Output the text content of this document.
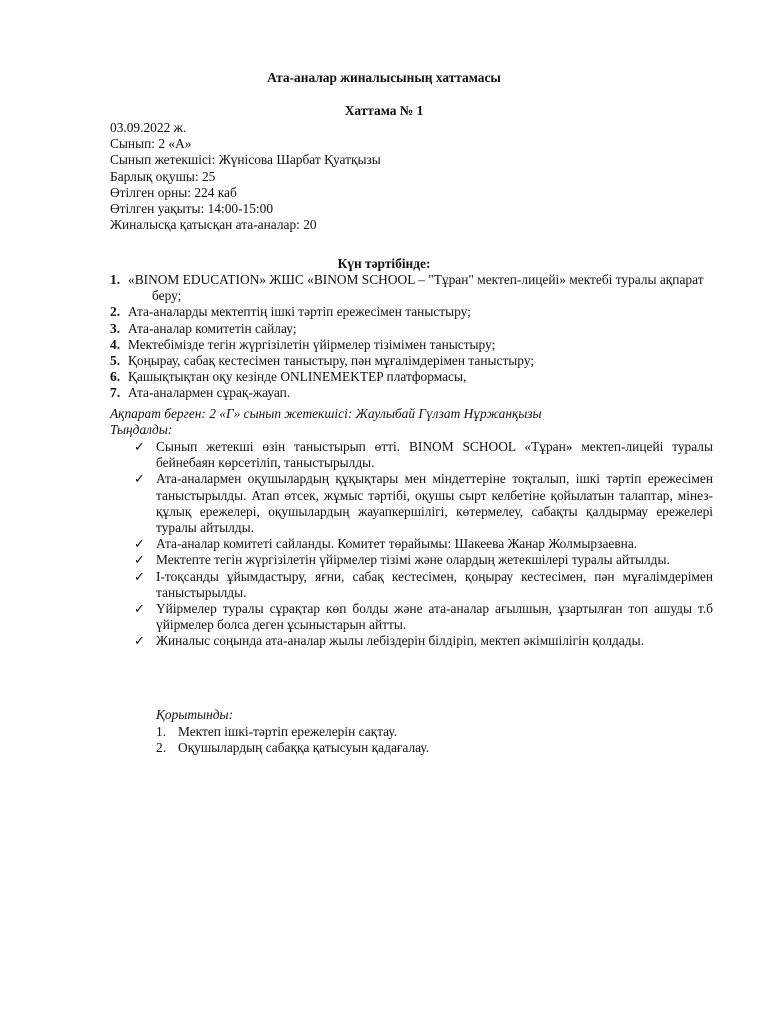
Ата-аналар жиналысының хаттамасы
Хаттама № 1
03.09.2022 ж.
Сынып: 2 «А»
Сынып жетекшісі: Жүнісова Шарбат Қуатқызы
Барлық оқушы: 25
Өтілген орны: 224 каб
Өтілген уақыты: 14:00-15:00
Жиналысқа қатысқан ата-аналар: 20
Күн тәртібінде:
1. «BINOM EDUCATION» ЖШС «BINOM SCHOOL – "Тұран" мектеп-лицейі» мектебі туралы ақпарат беру;
2. Ата-аналарды мектептің ішкі тәртіп ережесімен таныстыру;
3. Ата-аналар комитетін сайлау;
4. Мектебімізде тегін жүргізілетін үйірмелер тізімімен таныстыру;
5. Қоңырау, сабақ кестесімен таныстыру, пән мұғалімдерімен таныстыру;
6. Қашықтықтан оқу кезінде ONLINEMEKTEP платформасы,
7. Ата-аналармен сұрақ-жауап.
Ақпарат берген: 2 «Г» сынып жетекшісі: Жаулыбай Гүлзат Нұржанқызы
Тыңдалды:
✓ Сынып жетекші өзін таныстырып өтті. BINOM SCHOOL «Тұран» мектеп-лицейі туралы бейнебаян көрсетіліп, таныстырылды.
✓ Ата-аналармен оқушылардың құқықтары мен міндеттеріне тоқталып, ішкі тәртіп ережесімен таныстырылды. Атап өтсек, жұмыс тәртібі, оқушы сырт келбетіне қойылатын талаптар, мінез-құлық ережелері, оқушылардың жауапкершілігі, көтермелеу, сабақты қалдырмау ережелері туралы айтылды.
✓ Ата-аналар комитеті сайланды. Комитет төрайымы: Шакеева Жанар Жолмырзаевна.
✓ Мектепте тегін жүргізілетін үйірмелер тізімі және олардың жетекшілері туралы айтылды.
✓ І-тоқсанды ұйымдастыру, яғни, сабақ кестесімен, қоңырау кестесімен, пән мұғалімдерімен таныстырылды.
✓ Үйірмелер туралы сұрақтар көп болды және ата-аналар ағылшын, ұзартылған топ ашуды т.б үйірмелер болса деген ұсыныстарын айтты.
✓ Жиналыс соңында ата-аналар жылы лебіздерін білдіріп, мектеп әкімшілігін қолдады.
Қорытынды:
1. Мектеп ішкі-тәртіп ережелерін сақтау.
2. Оқушылардың сабаққа қатысуын қадағалау.
